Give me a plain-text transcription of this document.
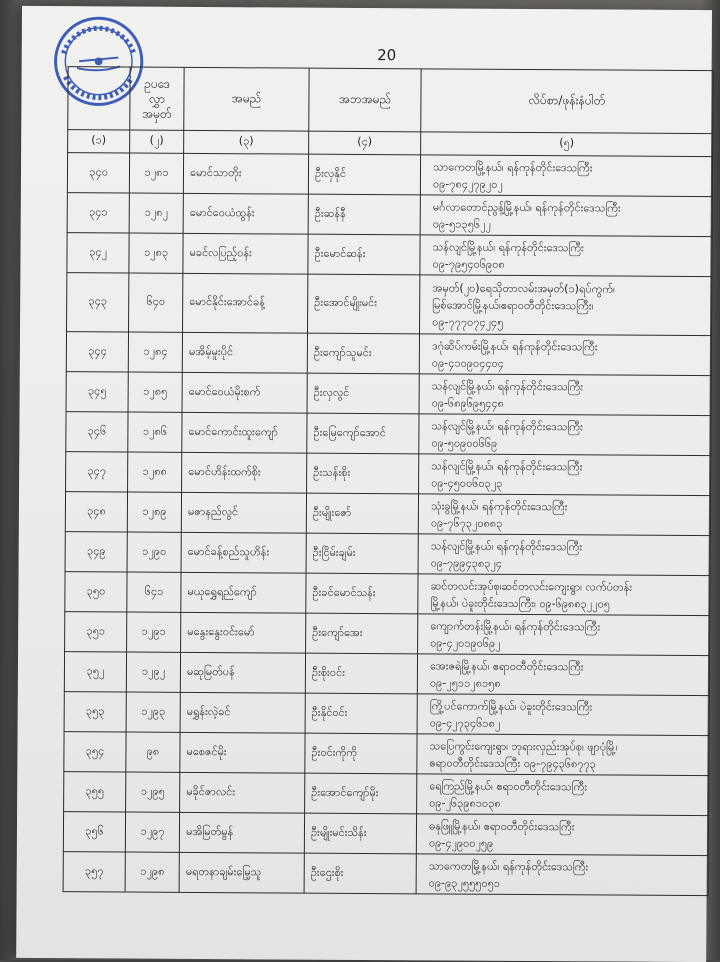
20

	ဥပဒေ
လွှာ
အမှတ်	အမည်	အဘအမည်	လိပ်စာ/ဖုန်းနံပါတ်
(၁)	(၂)	(၃)	(၄)	(၅)
၃၄၀	၁၂၈၁	မောင်သာတိုး	ဦးလှနိုင်	သာကေတမြို့နယ်၊ ရန်ကုန်တိုင်းဒေသကြီး
၀၉-၇၈၄၂၇၉၂၀၂

၃၄၁	၁၂၈၂	မောင်ဝေယံထွန်း	ဦးဆန်နီ	မင်္ဂလာတောင်ညွန့်မြို့နယ်၊ ရန်ကုန်တိုင်းဒေသကြီး
၀၉-၅၁၃၅၆၂၂

၃၄၂	၁၂၈၃	မခင်လပြည့်ဝန်း	ဦးမောင်ဆန်း	သန်လျင်မြို့နယ်၊ ရန်ကုန်တိုင်းဒေသကြီး
၀၉-၇၉၅၄၀၆၉၀၈

၃၄၃	၆၄၀	မောင်နိုင်းအောင်ခန့်	ဦးအောင်မျိုးမင်း	အမှတ်(၂၀)ရေသိုတာလမ်းအမှတ်(၁)ရပ်ကွက်၊
မြစ်အောင်မြို့နယ်၊ဧရာဝတီတိုင်းဒေသကြီး၊
၀၉-၇၇၇၀၇၄၂၄၅

၃၄၄	၁၂၈၄	မအိမ့်မူးပိုင်	ဦးကျော်သူမင်း	ဒဂုံဆိပ်ကမ်းမြို့နယ်၊ ရန်ကုန်တိုင်းဒေသကြီး
၀၉-၄၁၀၉၀၄၄၀၄

၃၄၅	၁၂၈၅	မောင်ဝေယံမိုးစက်	ဦးလှလွင်	သန်လျင်မြို့နယ်၊ ရန်ကုန်တိုင်းဒေသကြီး
၀၉-၆၈၉၆၉၅၄၄၈

၃၄၆	၁၂၈၆	မောင်ကောင်းထူးကျော်	ဦးမြေကျော်အောင်	သန်လျင်မြို့နယ်၊ ရန်ကုန်တိုင်းဒေသကြီး
၀၉-၅၀၉၀၀၆၆၉

၃၄၇	၁၂၈၈	မောင်ဟိန်းထက်စိုး	ဦးသန်းစိုး	သန်လျင်မြို့နယ်၊ ရန်ကုန်တိုင်းဒေသကြီး
၀၉-၄၅၀၀၆၀၃၂၃

၃၄၈	၁၂၈၉	မဇာနည်လွင်	ဦးမျိုးဇော်	သုံးခွမြို့နယ်၊ ရန်ကုန်တိုင်းဒေသကြီး
၀၉-၇၆၇၃၂၀၈၈၃

၃၄၉	၁၂၉၀	မောင်ခန့်စည်သူဟိန်း	ဦးငြိမ်းချမ်း	သန်လျင်မြို့နယ်၊ ရန်ကုန်တိုင်းဒေသကြီး
၀၉-၇၉၉၄၃၈၃၂၄

၃၅၀	၆၄၁	မယုရွှေရည်ကျော်	ဦးခင်မောင်သန်း	ဆင်တလင်းအုပ်စု၊ဆင်တလင်းကျေးရွာ၊ လက်ပံတန်း
မြို့နယ်၊ ပဲခူးတိုင်းဒေသကြီး၊ ၀၉-၆၉၈၈၃၂၂၀၅

၃၅၁	၁၂၉၁	မနွေးနွေးဝင်းမော်	ဦးကျော်အေး	ကျောက်တန်းမြို့နယ်၊ ရန်ကုန်တိုင်းဒေသကြီး
၀၉-၄၂၀၁၉၀၆၉၂

၃၅၂	၁၂၉၂	မဆုမြတ်ပန်	ဦးစိုးဝင်း	အေးဇရဲမြို့နယ်၊ ဧရာဝတီတိုင်းဒေသကြီး
၀၉-၂၅၁၁၂၈၁၅၈

၃၅၃	၁၂၉၃	မရွှန်းလဲ့ခင်	ဦးနိုင်ဝင်း	ကြို့ပင်ကောက်မြို့နယ်၊ ပဲခူးတိုင်းဒေသကြီး
၀၉-၄၂၇၃၄၆၁၈၂

၃၅၄	၉၈	မစေဇင်မိုး	ဦးဝင်းကိုကို	သပြေကွင်းကျေးရွာ၊ ဘုရားလှည်းအုပ်စု၊ ဖျာပုံမြို့၊
ဧရာဝတီတိုင်းဒေသကြီး ၀၉-၇၉၄၃၆၈၇၇၃

၃၅၅	၁၂၉၅	မခိုင်ဇာလင်း	ဦးအောင်ကျော်မိုး	ရေကြည်မြို့နယ်၊ ဧရာဝတီတိုင်းဒေသကြီး
၀၉-၂၆၃၉၈၁၀၃၈

၃၅၆	၁၂၉၇	မအိမြတ်မွန်	ဦးမျိုးမင်းသိန်း	ဓနုဖြူမြို့နယ်၊ ဧရာဝတီတိုင်းဒေသကြီး
၀၉-၄၂၉၀၀၂၅၉

၃၅၇	၁၂၉၈	မရတနာချမ်းမြေ့သူ	ဦးဌေးစိုး	သာကေတမြို့နယ်၊ ရန်ကုန်တိုင်းဒေသကြီး
၀၉-၉၃၂၅၅၅၀၅၁
